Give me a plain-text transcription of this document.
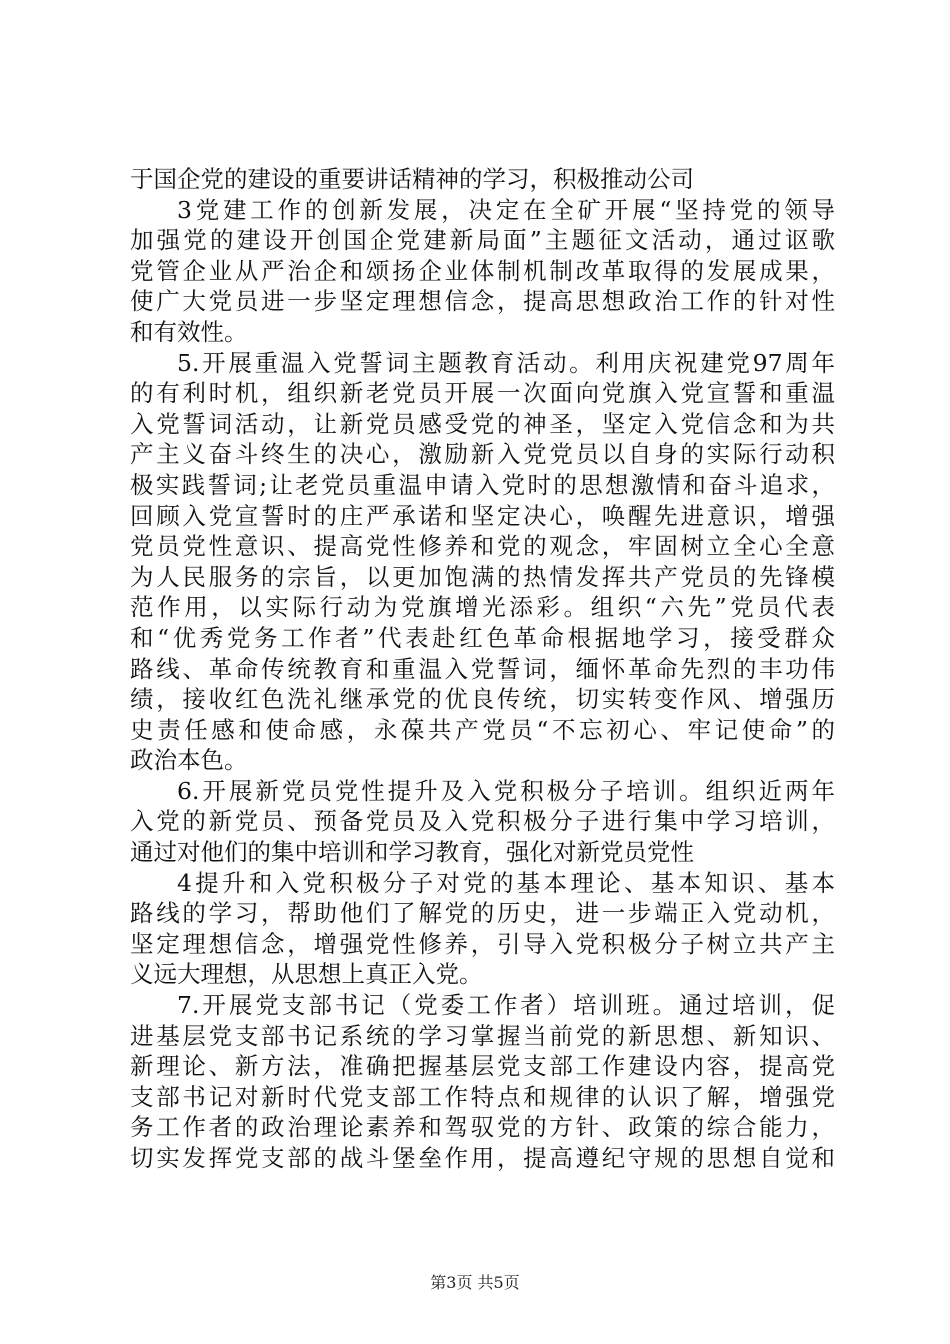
于国企党的建设的重要讲话精神的学习，积极推动公司
3党建工作的创新发展，决定在全矿开展“坚持党的领导
加强党的建设开创国企党建新局面”主题征文活动，通过讴歌
党管企业从严治企和颂扬企业体制机制改革取得的发展成果，
使广大党员进一步坚定理想信念，提高思想政治工作的针对性
和有效性。
5.开展重温入党誓词主题教育活动。利用庆祝建党97周年
的有利时机，组织新老党员开展一次面向党旗入党宣誓和重温
入党誓词活动，让新党员感受党的神圣，坚定入党信念和为共
产主义奋斗终生的决心，激励新入党党员以自身的实际行动积
极实践誓词;让老党员重温申请入党时的思想激情和奋斗追求，
回顾入党宣誓时的庄严承诺和坚定决心，唤醒先进意识，增强
党员党性意识、提高党性修养和党的观念，牢固树立全心全意
为人民服务的宗旨，以更加饱满的热情发挥共产党员的先锋模
范作用，以实际行动为党旗增光添彩。组织“六先”党员代表
和“优秀党务工作者”代表赴红色革命根据地学习，接受群众
路线、革命传统教育和重温入党誓词，缅怀革命先烈的丰功伟
绩，接收红色洗礼继承党的优良传统，切实转变作风、增强历
史责任感和使命感，永葆共产党员“不忘初心、牢记使命”的
政治本色。
6.开展新党员党性提升及入党积极分子培训。组织近两年
入党的新党员、预备党员及入党积极分子进行集中学习培训，
通过对他们的集中培训和学习教育，强化对新党员党性
4提升和入党积极分子对党的基本理论、基本知识、基本
路线的学习，帮助他们了解党的历史，进一步端正入党动机，
坚定理想信念，增强党性修养，引导入党积极分子树立共产主
义远大理想，从思想上真正入党。
7.开展党支部书记（党委工作者）培训班。通过培训，促
进基层党支部书记系统的学习掌握当前党的新思想、新知识、
新理论、新方法，准确把握基层党支部工作建设内容，提高党
支部书记对新时代党支部工作特点和规律的认识了解，增强党
务工作者的政治理论素养和驾驭党的方针、政策的综合能力，
切实发挥党支部的战斗堡垒作用，提高遵纪守规的思想自觉和
第3页 共5页
